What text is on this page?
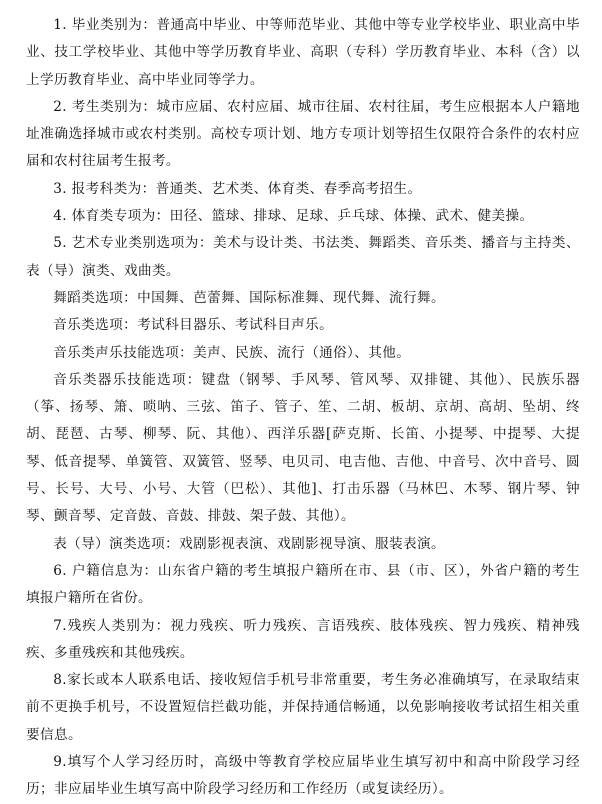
1. 毕业类别为：普通高中毕业、中等师范毕业、其他中等专业学校毕业、职业高中毕业、技工学校毕业、其他中等学历教育毕业、高职（专科）学历教育毕业、本科（含）以上学历教育毕业、高中毕业同等学力。

2. 考生类别为：城市应届、农村应届、城市往届、农村往届，考生应根据本人户籍地址准确选择城市或农村类别。高校专项计划、地方专项计划等招生仅限符合条件的农村应届和农村往届考生报考。

3. 报考科类为：普通类、艺术类、体育类、春季高考招生。

4. 体育类专项为：田径、篮球、排球、足球、乒乓球、体操、武术、健美操。

5. 艺术专业类别选项为：美术与设计类、书法类、舞蹈类、音乐类、播音与主持类、表（导）演类、戏曲类。

舞蹈类选项：中国舞、芭蕾舞、国际标准舞、现代舞、流行舞。

音乐类选项：考试科目器乐、考试科目声乐。

音乐类声乐技能选项：美声、民族、流行（通俗）、其他。

音乐类器乐技能选项：键盘（钢琴、手风琴、管风琴、双排键、其他）、民族乐器（筝、扬琴、箫、唢呐、三弦、笛子、管子、笙、二胡、板胡、京胡、高胡、坠胡、终胡、琵琶、古琴、柳琴、阮、其他）、西洋乐器[萨克斯、长笛、小提琴、中提琴、大提琴、低音提琴、单簧管、双簧管、竖琴、电贝司、电吉他、吉他、中音号、次中音号、圆号、长号、大号、小号、大管（巴松）、其他]、打击乐器（马林巴、木琴、钢片琴、钟琴、颤音琴、定音鼓、音鼓、排鼓、架子鼓、其他）。

表（导）演类选项：戏剧影视表演、戏剧影视导演、服装表演。

6. 户籍信息为：山东省户籍的考生填报户籍所在市、县（市、区），外省户籍的考生填报户籍所在省份。

7.残疾人类别为：视力残疾、听力残疾、言语残疾、肢体残疾、智力残疾、精神残疾、多重残疾和其他残疾。

8.家长或本人联系电话、接收短信手机号非常重要，考生务必准确填写，在录取结束前不更换手机号，不设置短信拦截功能，并保持通信畅通，以免影响接收考试招生相关重要信息。

9.填写个人学习经历时，高级中等教育学校应届毕业生填写初中和高中阶段学习经历；非应届毕业生填写高中阶段学习经历和工作经历（或复读经历）。
